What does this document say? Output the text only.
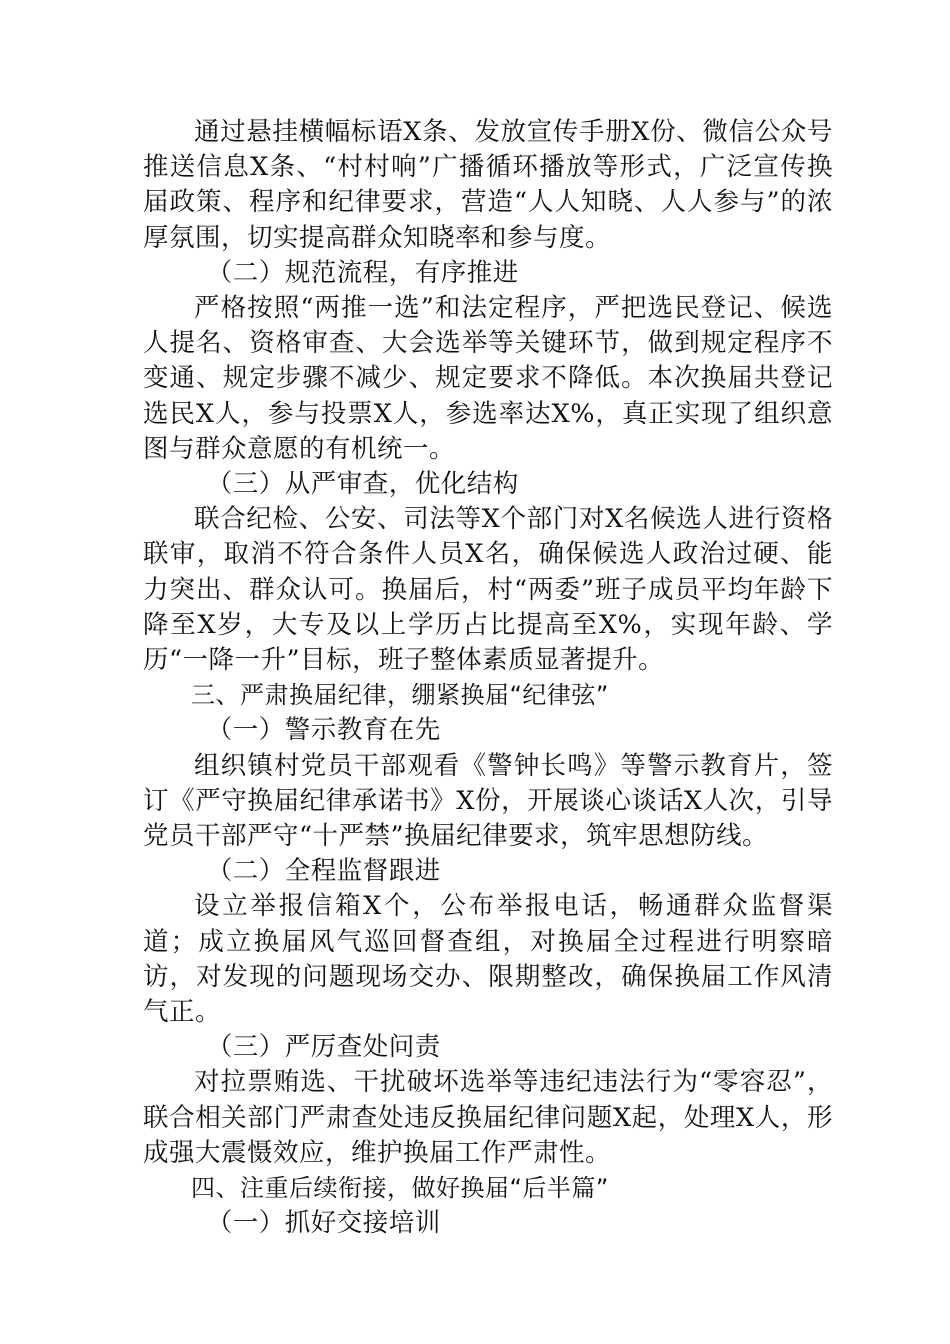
通过悬挂横幅标语X条、发放宣传手册X份、微信公众号推送信息X条、“村村响”广播循环播放等形式，广泛宣传换届政策、程序和纪律要求，营造“人人知晓、人人参与”的浓厚氛围，切实提高群众知晓率和参与度。

（二）规范流程，有序推进

严格按照“两推一选”和法定程序，严把选民登记、候选人提名、资格审查、大会选举等关键环节，做到规定程序不变通、规定步骤不减少、规定要求不降低。本次换届共登记选民X人，参与投票X人，参选率达X%，真正实现了组织意图与群众意愿的有机统一。

（三）从严审查，优化结构

联合纪检、公安、司法等X个部门对X名候选人进行资格联审，取消不符合条件人员X名，确保候选人政治过硬、能力突出、群众认可。换届后，村“两委”班子成员平均年龄下降至X岁，大专及以上学历占比提高至X%，实现年龄、学历“一降一升”目标，班子整体素质显著提升。

三、严肃换届纪律，绷紧换届“纪律弦”

（一）警示教育在先

组织镇村党员干部观看《警钟长鸣》等警示教育片，签订《严守换届纪律承诺书》X份，开展谈心谈话X人次，引导党员干部严守“十严禁”换届纪律要求，筑牢思想防线。

（二）全程监督跟进

设立举报信箱X个，公布举报电话，畅通群众监督渠道；成立换届风气巡回督查组，对换届全过程进行明察暗访，对发现的问题现场交办、限期整改，确保换届工作风清气正。

（三）严厉查处问责

对拉票贿选、干扰破坏选举等违纪违法行为“零容忍”，联合相关部门严肃查处违反换届纪律问题X起，处理X人，形成强大震慑效应，维护换届工作严肃性。

四、注重后续衔接，做好换届“后半篇”

（一）抓好交接培训
